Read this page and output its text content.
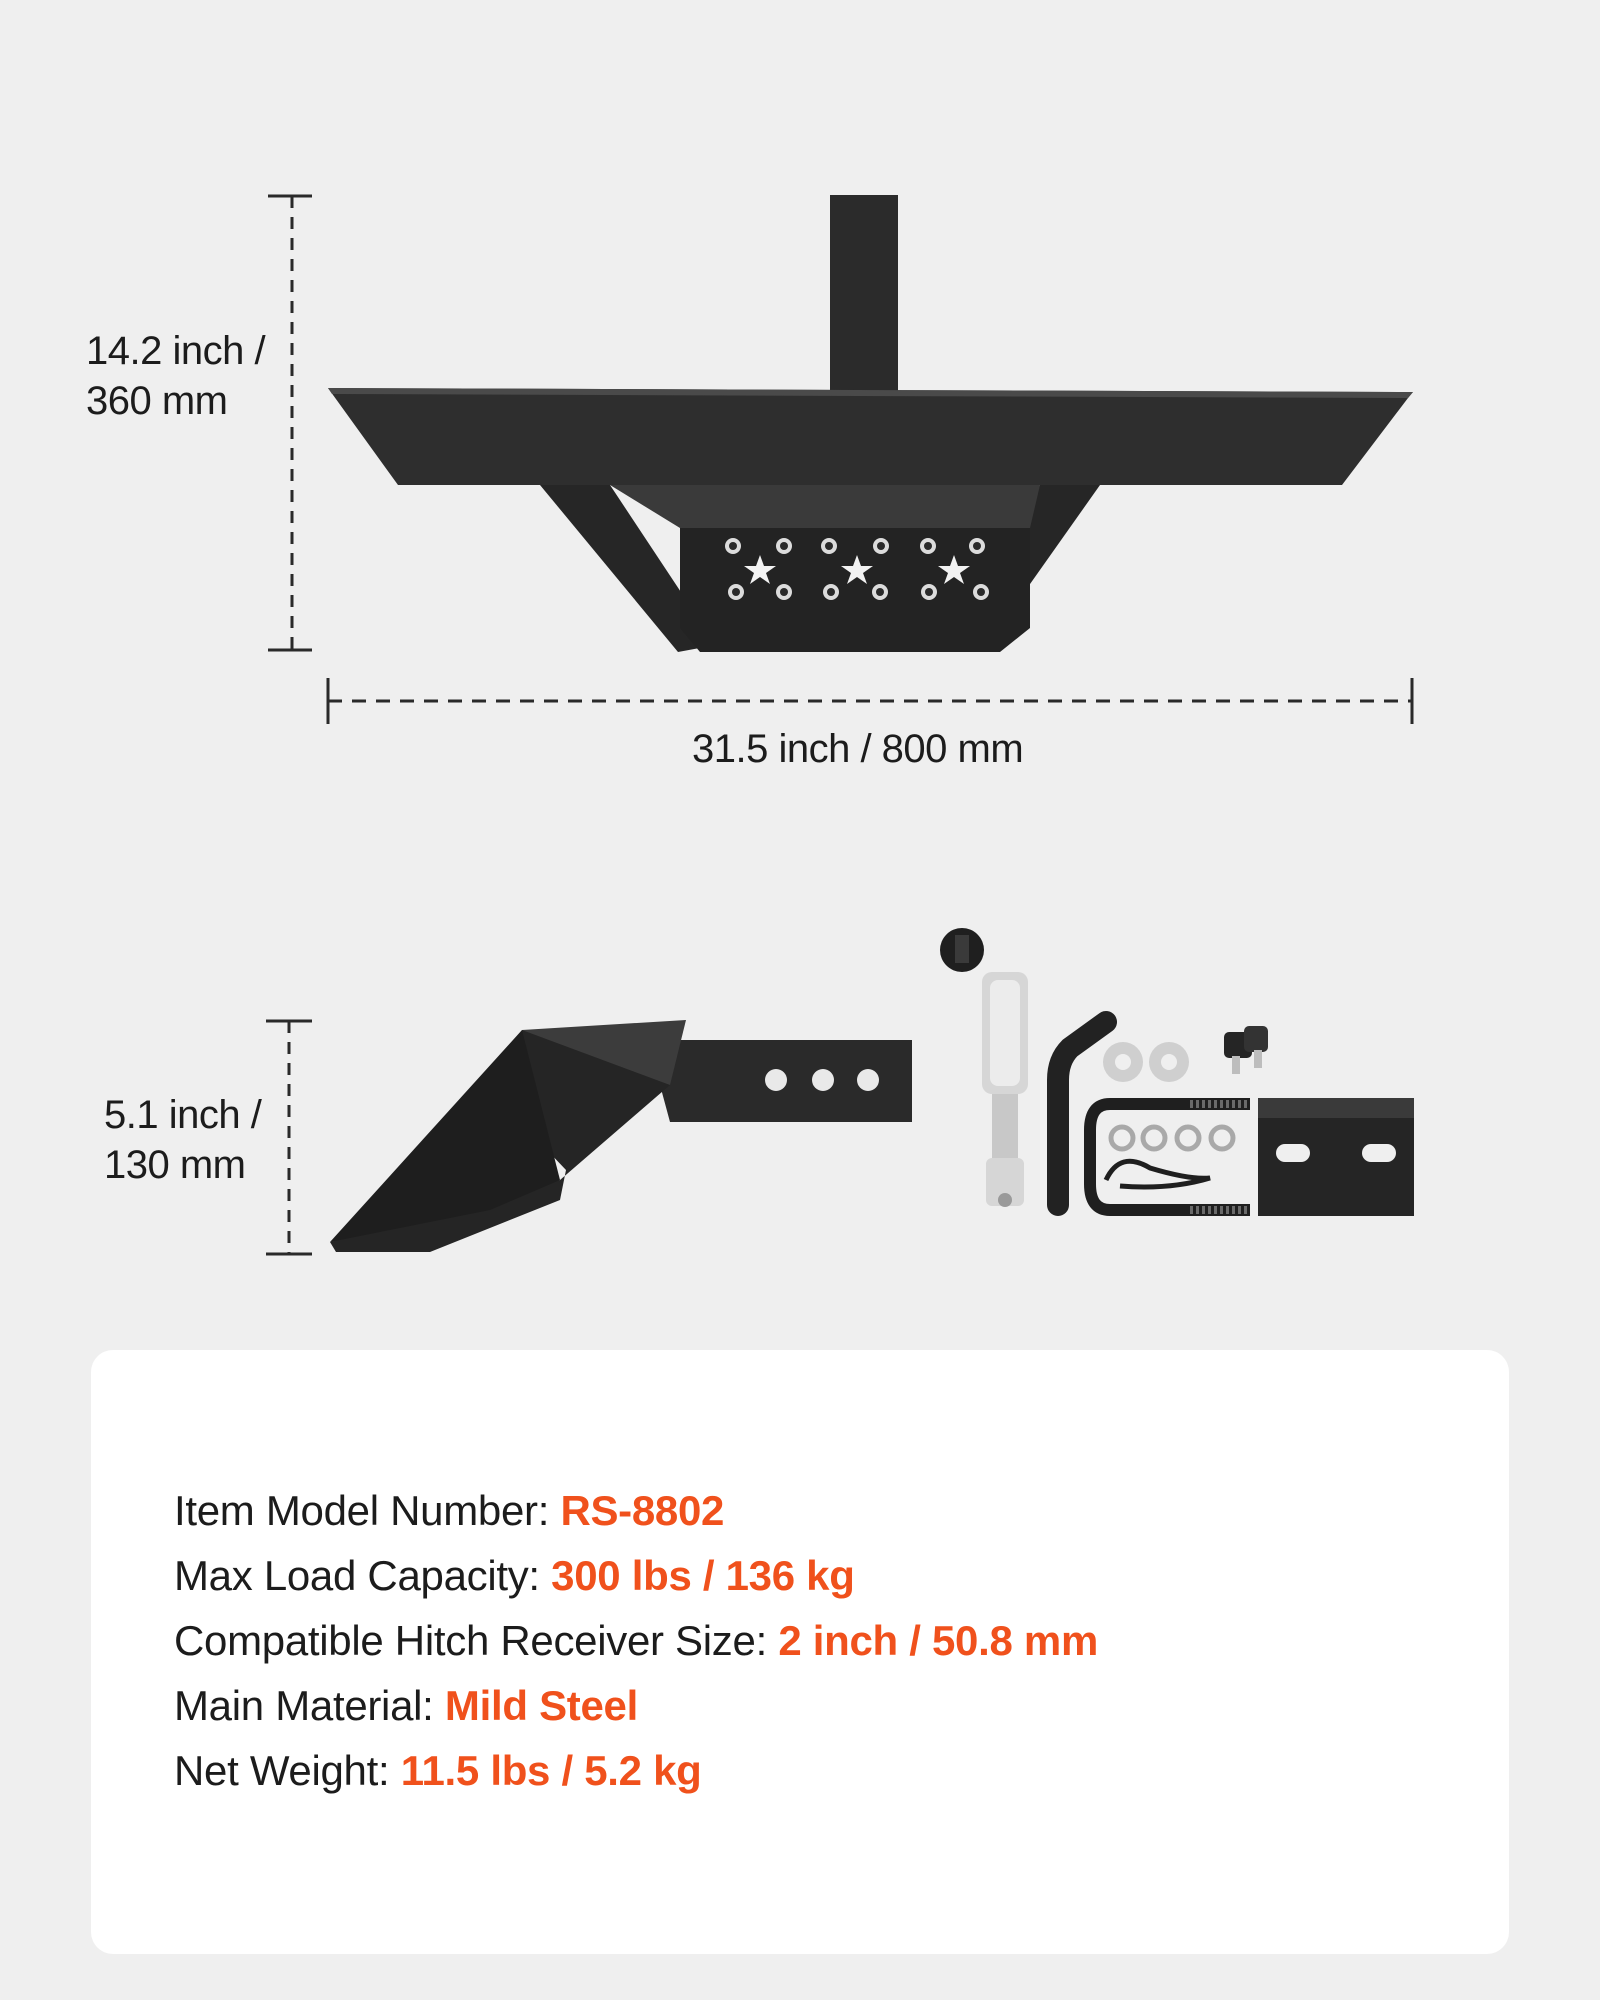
14.2 inch /
360 mm
31.5 inch / 800 mm
5.1 inch /
130 mm
Item Model Number: RS-8802
Max Load Capacity: 300 lbs / 136 kg
Compatible Hitch Receiver Size: 2 inch / 50.8 mm
Main Material: Mild Steel
Net Weight: 11.5 lbs / 5.2 kg
